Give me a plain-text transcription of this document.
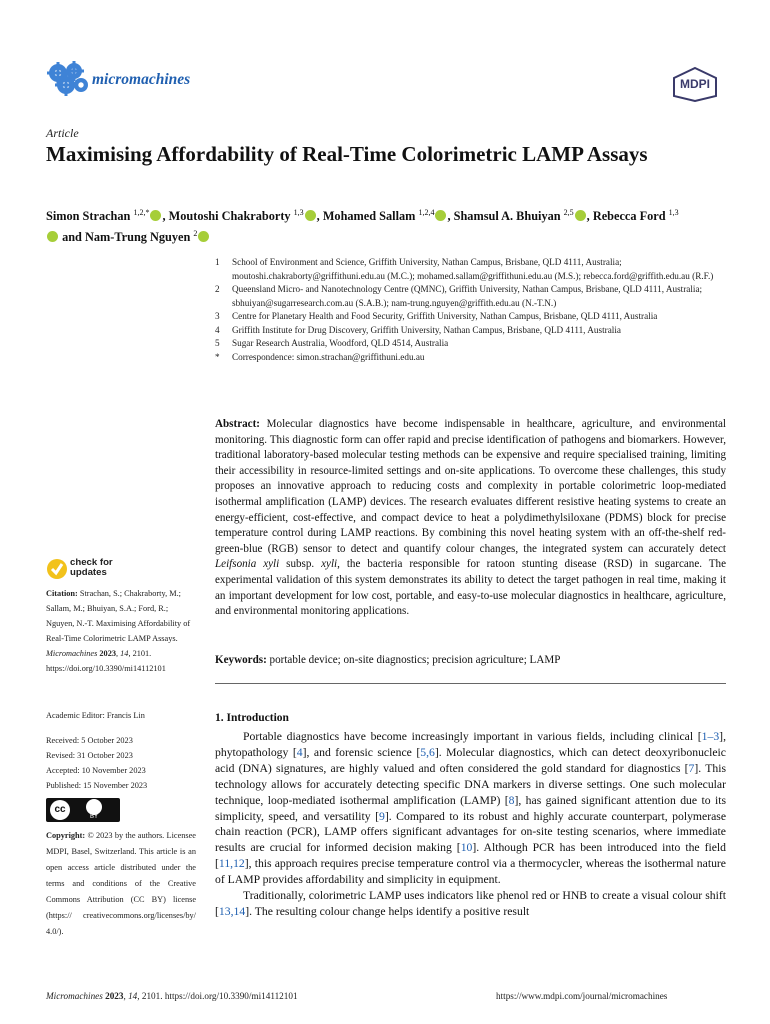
micromachines	MDPI
Article
Maximising Affordability of Real-Time Colorimetric LAMP Assays
Simon Strachan $^{1,2,*}$ , Moutoshi Chakraborty $^{1,3}$ , Mohamed Sallam $^{1,2,4}$ , Shamsul A. Bhuiyan $^{2,5}$ , Rebecca Ford $^{1,3}$ and Nam-Trung Nguyen $^2$
1 School of Environment and Science, Griffith University, Nathan Campus, Brisbane, QLD 4111, Australia; moutoshi.chakraborty@griffithuni.edu.au (M.C.); mohamed.sallam@griffithuni.edu.au (M.S.); rebecca.ford@griffith.edu.au (R.F.)
2 Queensland Micro- and Nanotechnology Centre (QMNC), Griffith University, Nathan Campus, Brisbane, QLD 4111, Australia; sbhuiyan@sugarresearch.com.au (S.A.B.); nam-trung.nguyen@griffith.edu.au (N.-T.N.)
3 Centre for Planetary Health and Food Security, Griffith University, Nathan Campus, Brisbane, QLD 4111, Australia
4 Griffith Institute for Drug Discovery, Griffith University, Nathan Campus, Brisbane, QLD 4111, Australia
5 Sugar Research Australia, Woodford, QLD 4514, Australia
* Correspondence: simon.strachan@griffithuni.edu.au
check for
updates
Citation: Strachan, S.; Chakraborty, M.; Sallam, M.; Bhuiyan, S.A.; Ford, R.; Nguyen, N.-T. Maximising Affordability of Real-Time Colorimetric LAMP Assays. Micromachines 2023, 14, 2101. https://doi.org/10.3390/mi14112101
Academic Editor: Francis Lin
Received: 5 October 2023
Revised: 31 October 2023
Accepted: 10 November 2023
Published: 15 November 2023
cc
BY
Copyright: © 2023 by the authors. Licensee MDPI, Basel, Switzerland. This article is an open access article distributed under the terms and conditions of the Creative Commons Attribution (CC BY) license (https:// creativecommons.org/licenses/by/ 4.0/).
Abstract: Molecular diagnostics have become indispensable in healthcare, agriculture, and environmental monitoring. This diagnostic form can offer rapid and precise identification of pathogens and biomarkers. However, traditional laboratory-based molecular testing methods can be expensive and require specialised training, limiting their accessibility in resource-limited settings and on-site applications. To overcome these challenges, this study proposes an innovative approach to reducing costs and complexity in portable colorimetric loop-mediated isothermal amplification (LAMP) devices. The research evaluates different resistive heating systems to create an energy-efficient, cost-effective, and compact device to heat a polydimethylsiloxane (PDMS) block for precise temperature control during LAMP reactions. By combining this novel heating system with an off-the-shelf red-green-blue (RGB) sensor to detect and quantify colour changes, the integrated system can accurately detect Leifsonia xyli subsp. xyli, the bacteria responsible for ratoon stunting disease (RSD) in sugarcane. The experimental validation of this system demonstrates its ability to detect the target pathogen in real time, making it an important development for low cost, portable, and easy-to-use molecular diagnostics in healthcare, agriculture, and environmental monitoring applications.
Keywords: portable device; on-site diagnostics; precision agriculture; LAMP
1. Introduction

Portable diagnostics have become increasingly important in various fields, including clinical [1–3], phytopathology [4], and forensic science [5,6]. Molecular diagnostics, which can detect deoxyribonucleic acid (DNA) signatures, are highly valued and often considered the gold standard for diagnostics [7]. This technology allows for accurately detecting specific DNA markers in diverse settings. One such molecular technique, loop-mediated isothermal amplification (LAMP) [8], has gained significant attention due to its simplicity, speed, and versatility [9]. Compared to its robust and highly accurate counterpart, polymerase chain reaction (PCR), LAMP offers significant advantages for on-site testing scenarios, where immediate results are crucial for informed decision making [10]. Although PCR has been introduced into the field [11,12], this approach requires precise temperature control via a thermocycler, whereas the isothermal nature of LAMP provides affordability and simplicity in equipment.

Traditionally, colorimetric LAMP uses indicators like phenol red or HNB to create a visual colour shift [13,14]. The resulting colour change helps identify a positive result

Micromachines 2023, 14, 2101. https://doi.org/10.3390/mi14112101	https://www.mdpi.com/journal/micromachines
